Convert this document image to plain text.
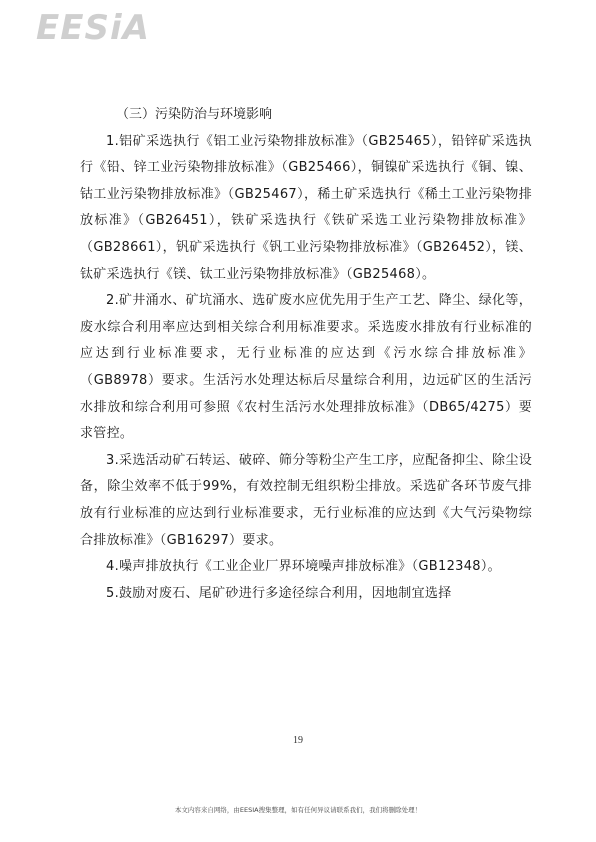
EESiA

（三）污染防治与环境影响

1.铝矿采选执行《铝工业污染物排放标准》（GB25465），铅锌矿采选执行《铅、锌工业污染物排放标准》（GB25466），铜镍矿采选执行《铜、镍、钴工业污染物排放标准》（GB25467），稀土矿采选执行《稀土工业污染物排放标准》（GB26451），铁矿采选执行《铁矿采选工业污染物排放标准》（GB28661），钒矿采选执行《钒工业污染物排放标准》（GB26452），镁、钛矿采选执行《镁、钛工业污染物排放标准》（GB25468）。

2.矿井涌水、矿坑涌水、选矿废水应优先用于生产工艺、降尘、绿化等，废水综合利用率应达到相关综合利用标准要求。采选废水排放有行业标准的应达到行业标准要求，无行业标准的应达到《污水综合排放标准》（GB8978）要求。生活污水处理达标后尽量综合利用，边远矿区的生活污水排放和综合利用可参照《农村生活污水处理排放标准》（DB65/4275）要求管控。

3.采选活动矿石转运、破碎、筛分等粉尘产生工序，应配备抑尘、除尘设备，除尘效率不低于99%，有效控制无组织粉尘排放。采选矿各环节废气排放有行业标准的应达到行业标准要求，无行业标准的应达到《大气污染物综合排放标准》（GB16297）要求。

4.噪声排放执行《工业企业厂界环境噪声排放标准》（GB12348）。

5.鼓励对废石、尾矿砂进行多途径综合利用，因地制宜选择

19
本文内容来自网络，由EESIA搜集整理，如有任何异议请联系我们，我们将删除处理！
